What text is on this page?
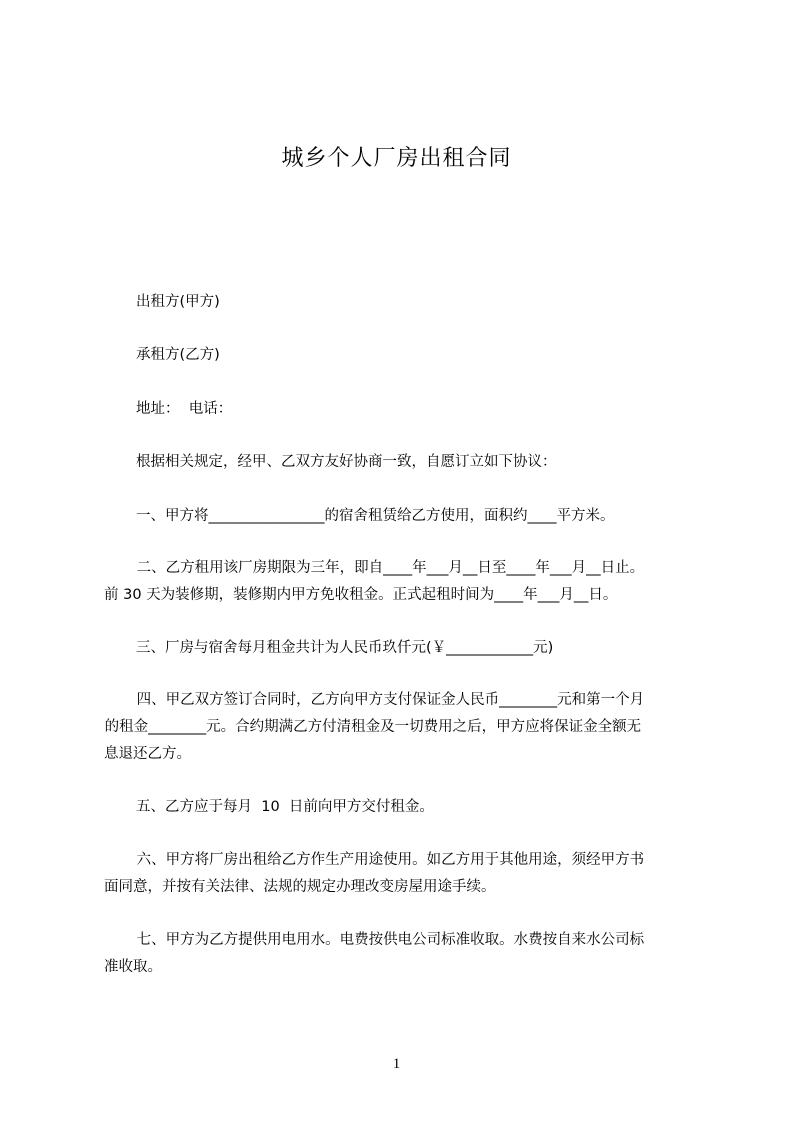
城乡个人厂房出租合同
出租方(甲方)
承租方(乙方)
地址：  电话：
根据相关规定，经甲、乙双方友好协商一致，自愿订立如下协议：
一、甲方将________________的宿舍租赁给乙方使用，面积约____平方米。
二、乙方租用该厂房期限为三年，即自____年___月__日至____年___月__日止。
前 30 天为装修期，装修期内甲方免收租金。正式起租时间为____年___月__日。
三、厂房与宿舍每月租金共计为人民币玖仟元(￥____________元)
四、甲乙双方签订合同时，乙方向甲方支付保证金人民币________元和第一个月
的租金________元。合约期满乙方付清租金及一切费用之后，甲方应将保证金全额无
息退还乙方。
五、乙方应于每月  10  日前向甲方交付租金。
六、甲方将厂房出租给乙方作生产用途使用。如乙方用于其他用途，须经甲方书
面同意，并按有关法律、法规的规定办理改变房屋用途手续。
七、甲方为乙方提供用电用水。电费按供电公司标准收取。水费按自来水公司标
准收取。
1
